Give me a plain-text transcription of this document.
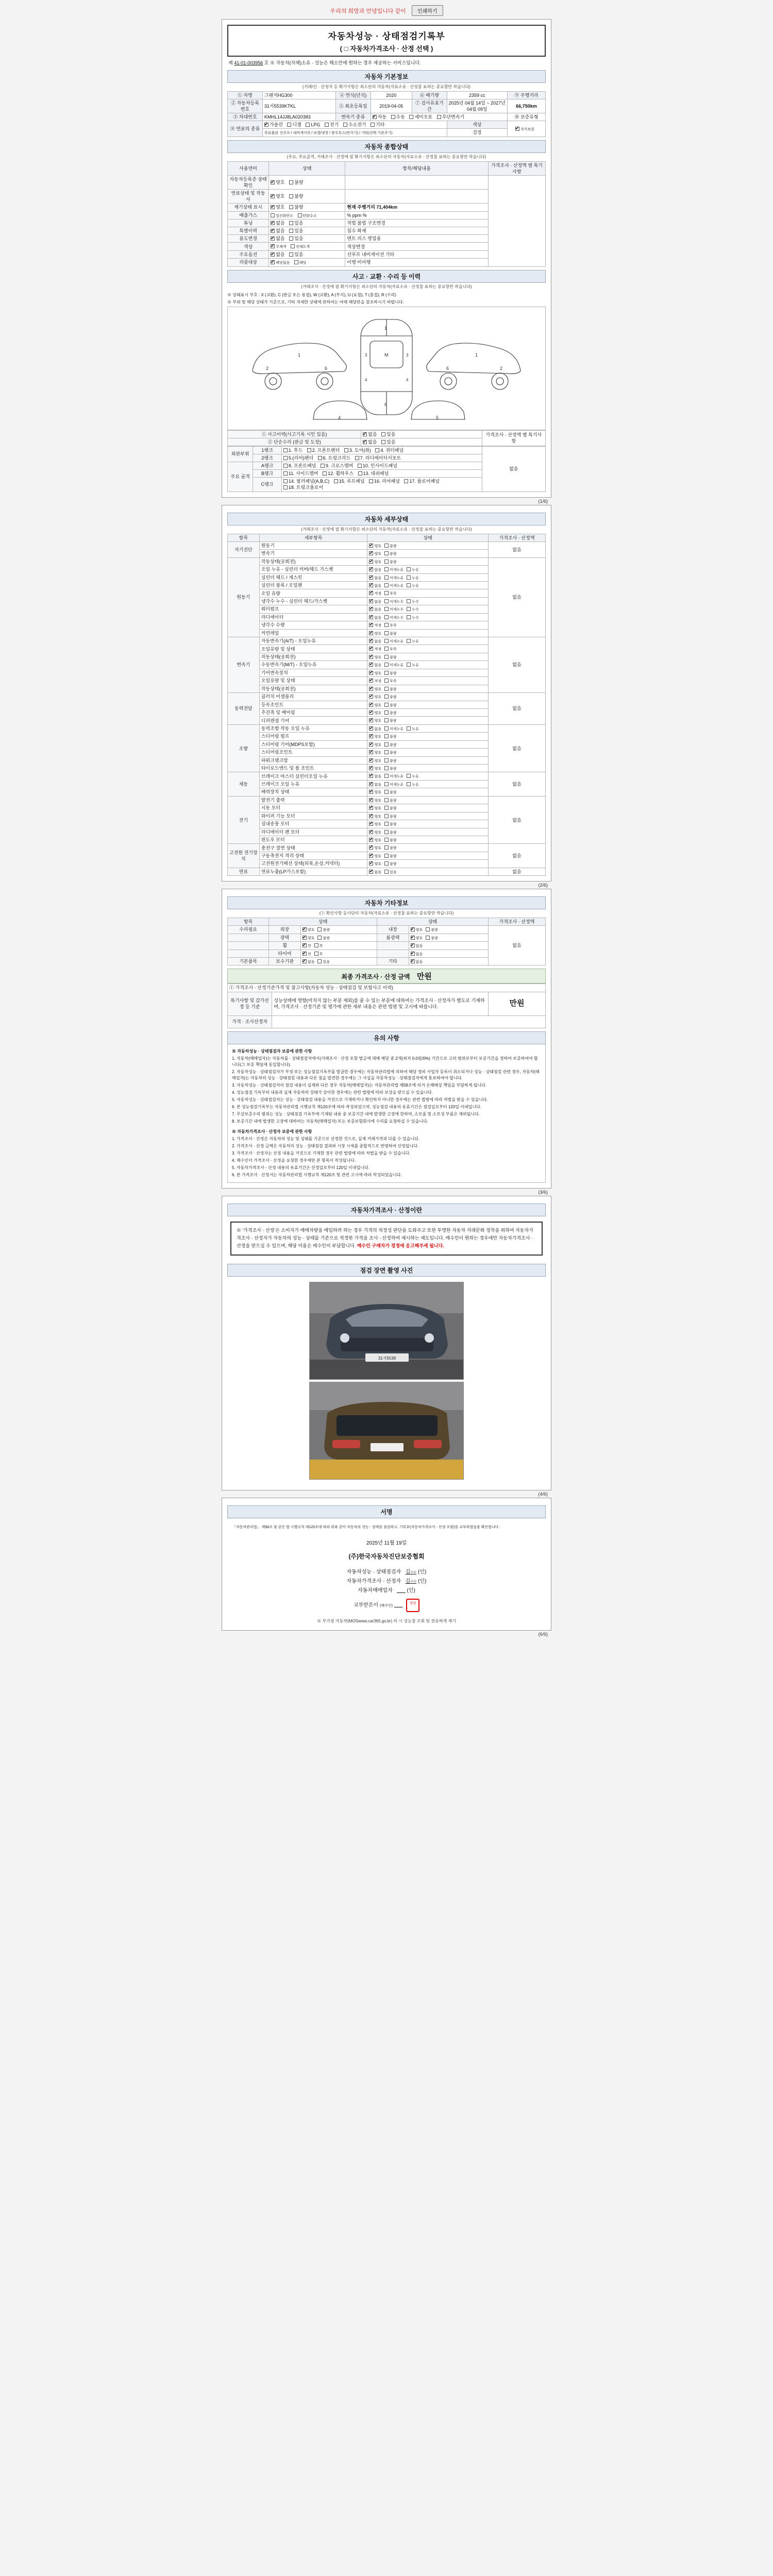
우리의 희망과 안녕입니다 같이 인쇄하기
자동차성능 · 상태점검기록부
( □ 자동차가격조사 · 산정 선택 )
제 41-01-003956 호 ※ 자동차(자체)소유 · 성능은 해소안에 원하는 경우 제공하는 서비스입니다.
자동차 기본정보
(거래/신 · 산정자 등 확기사항은 최소단의 자동차(자료소유 · 산정물 표하는 중요항만 작습니다)
① 차명	그랜저HG300	④ 연식(년식)	2020	⑥ 배기량	2359 cc	⑨ 주행거리
② 자동차등록번호	31서5539KTKL	⑤ 최초등록일	2019-04-05	⑦ 검사유효기간	2025년 04월 14일 ~ 2027년 04월 09일	66,750km
③ 차대번호	KMHL14JJ8LA020383	변속기 종류	✔자동 수동 세미오토 무단변속기			⑩ 보증유형
⑧ 연료의 종류	✔가솔린 디젤 LPG 전기 수소전기 기타				색상	✔자가보증
	주요옵션 선루프 / 내비게이션 / 보열/냉장 / 블루투스(연각기) / 기타(선택 기준주기)				검정	
자동차 종합상태
(주요, 주요골격, 거래조사 · 산정에 필 확기사항은 최소단의 자동차(자료소유 · 산정물 표하는 중요항만 작습니다)
사용연비	상태	항목/해당내용	가격조사 · 산정액 별 특기사항
자동차등록증 상태확인	✔양호 불량		
연료상태 및 작동사	✔양호 불량	
계기상태 표시	✔양호 불량	현재 주행거리 71,404km	
배출가스	일산화탄소 탄화수소	% ppm %	
튜닝	✔없음 있음	적법 불법 구조변경	
특별이력	✔없음 있음	침수 화재	
용도변경	✔없음 있음	렌트 리스 영업용	
색상	✔무채색 전체도색	색상변경	
주요옵션	✔없음 있음	선루프 내비게이션 기타	
리콜대상	✔해당없음 해당	이행 미이행	
사고 · 교환 · 수리 등 이력
(거래조사 · 산정에 필 확기사항은 최소단의 자동차(자료소유 · 산정물 표하는 중요항만 작습니다)

※ 상태표시 부호 : X (교환), C (판금 또는 용접), W (교환), A (부식), U (요철), T (흠집), R (수리)

※ 부위 및 해당 상태가 기준으로, 기타 자세한 상태에 관하여는 아래 해당란을 참조하시기 바랍니다.

1
2	6
1
M
6
3	3
4	4
1
2
6
4	5
① 사고이력(사고기록 시인 있음)	✔없음 있음	가격조사 · 산정액 별 특기사항
② 단순수리 (판금 및 도장)	✔없음 있음
외판부위	1랭크	1. 후드 2. 프론트펜더 3. 도어(좌) 4. 쿼터패널	없음
	2랭크	5.(리어)펜더 6. 트렁크리드 7. 라디에이터서포트	
주요 골격	A랭크	8. 프론트패널 9. 크로스멤버 10. 인사이드패널	
	B랭크	11. 사이드멤버 12. 휠하우스 13. 대쉬패널	
	C랭크	14. 필러패널(A,B,C) 15. 루프패널 16. 리어패널 17. 플로어패널 18. 트렁크플로어	
(1/6)
자동차 세부상태
(거래조사 · 산정에 필 확기사항은 최소단의 자동차(자료소유 · 산정물 표하는 중요항만 작습니다)
항목	세부항목	상태	가격조사 · 산정액
자기진단	원동기	✔양호 불량	없음
	변속기	✔양호 불량
원동기	작동상태(공회전)	✔양호 불량	없음
	오일 누유 - 실린더 커버/헤드 가스켓	✔없음 미세누유 누유
	실린더 헤드 / 개스킷	✔없음 미세누유 누유
	실린더 블록 / 오일팬	✔없음 미세누유 누유
	오일 유량	✔적정 부족
	냉각수 누수 - 실린더 헤드/가스켓	✔없음 미세누수 누수
	워터펌프	✔없음 미세누수 누수
	라디에이터	✔없음 미세누수 누수
	냉각수 수량	✔적정 부족
	커먼레일	✔양호 불량
변속기	자동변속기(A/T) - 오일누유	✔없음 미세누유 누유	없음
	오일유량 및 상태	✔적정 부족
	작동상태(공회전)	✔양호 불량
	수동변속기(M/T) - 오일누유	✔없음 미세누유 누유
	기어변속장치	✔양호 불량
	오일유량 및 상태	✔적정 부족
	작동상태(공회전)	✔양호 불량
동력전달	클러치 어셈블리	✔양호 불량	없음
	등속조인트	✔양호 불량
	추진축 및 베어링	✔양호 불량
	디퍼렌셜 기어	✔양호 불량
조향	동력조향 작동 오일 누유	✔없음 미세누유 누유	없음
	스티어링 펌프	✔양호 불량
	스티어링 기어(MDPS포함)	✔양호 불량
	스티어링조인트	✔양호 불량
	파워크랭크암	✔양호 불량
	타이로드엔드 및 볼 조인트	✔양호 불량
제동	브레이크 마스터 실린더오일 누유	✔없음 미세누유 누유	없음
	브레이크 오일 누유	✔없음 미세누유 누유
	배력장치 상태	✔양호 불량
전기	발전기 출력	✔양호 불량	없음
	시동 모터	✔양호 불량
	와이퍼 기능 모터	✔양호 불량
	실내송풍 모터	✔양호 불량
	라디에이터 팬 모터	✔양호 불량
	윈도우 모터	✔양호 불량
고전원 전기장치	충전구 절연 상태	✔양호 불량	없음
	구동축전지 격리 상태	✔양호 불량
	고전원전기배선 상태(피복,손상,커넥터)	✔양호 불량
연료	연료누출(LP가스포함)	✔없음 있음	없음
(2/6)
자동차 기타정보
(① 확인사항 등사단의 자동차(자료소유 · 산정물 표하는 중요항만 작습니다)
항목	상태		상태		가격조사 · 산정액
수리필요	외장	✔양호 불량	내장	✔양호 불량	없음
	광택	✔양호 불량	룸광택	✔양호 불량
	휠	✔전 후		✔없음
	타이어	✔전 후		✔없음
기본품목	보수기판	✔없음 있음	기타	✔없음
최종 가격조사 · 산정 금액 만원
① 가격조사 · 산정기준가격 및 참고사항(자동차 성능 · 상태점검 및 보험사고 이력)		
특기사항 및 감가산정 등 기준	성능상태에 영향(미치지 않는 부분 제외)를 줄 수 있는 부분에 대하여는 가격조사 · 산정자가 별도로 기재하며, 가격조사 · 산정기준 및 평가에 관한 세부 내용은 관련 법령 및 고시에 따릅니다.	만원
가격 · 조사산정자		
유의 사항

※ 자동차성능 · 상태점검자 보증에 관한 사항

1. 자동차(매매업자)는 자동차를 · 상태점검자에서(거래조사 · 산정 포함 벌금에 대해 해당 중 2개(최저 0.0원/0%) 기간으로 고의 범위로부터 보증기간을 정하여 보증하여야 합니다(그 보증 책임에 동일합니다).

2. 자동차성능 · 상태점검자가 부정 또는 성능점검기록부를 발급한 경우에는 자동차관리법에 의하여 해당 정비 사업자 등록이 취소되거나 성능 · 상태점검 관련 경우, 자동차(매매업자)는 자동차의 성능 · 상태점검 내용과 다른 점을 발견한 경우에는 그 사실을 자동차성능 · 상태점검자에게 통보하여야 합니다.

3. 자동차성능 · 상태점검자의 점검 내용이 실제와 다른 경우 자동차(매매업자)는 자동차관리법 제58조에 의거 손해배상 책임을 부담하게 됩니다.

4. 성능점검 기록부의 내용과 실제 자동차의 상태가 상이한 경우에는 관련 법령에 따라 보상을 받으실 수 있습니다.

5. 자동차성능 · 상태점검자는 성능 · 상태점검 내용을 거짓으로 기재하거나 확인하지 아니한 경우에는 관련 법령에 따라 처벌을 받을 수 있습니다.

6. 본 성능점검기록부는 자동차관리법 시행규칙 제120조에 따라 작성되었으며, 성능점검 내용의 유효기간은 점검일로부터 120일 이내입니다.

7. 무상보증수리 범위는 성능 · 상태점검 기록부에 기재된 내용 중 보증기간 내에 발생한 고장에 한하며, 소모품 및 소모성 부품은 제외됩니다.

8. 보증기간 내에 발생한 고장에 대하여는 자동차(매매업자) 또는 보증보험회사에 수리를 요청하실 수 있습니다.

※ 자동차가격조사 · 산정자 보증에 관한 사항

1. 가격조사 · 산정은 자동차의 성능 및 상태를 기준으로 산정한 것으로, 실제 거래가격과 다를 수 있습니다.

2. 가격조사 · 산정 금액은 자동차의 성능 · 상태점검 결과와 시장 시세를 종합적으로 반영하여 산정됩니다.

3. 가격조사 · 산정자는 산정 내용을 거짓으로 기재한 경우 관련 법령에 따라 처벌을 받을 수 있습니다.

4. 매수인이 가격조사 · 산정을 요청한 경우에만 본 항목이 작성됩니다.

5. 자동차가격조사 · 산정 내용의 유효기간은 산정일로부터 120일 이내입니다.

6. 본 가격조사 · 산정서는 자동차관리법 시행규칙 제120조 및 관련 고시에 따라 작성되었습니다.

(3/6)
자동차가격조사 · 산정이란
※ '가격조사 · 산정'은 소비자가 매매차량을 매입하려 하는 경우 가격의 적정성 판단을 도와주고 또한 투명한 자동차 거래문화 정착을 위하여 자동차가격조사 · 산정자가 자동차의 성능 · 상태를 기준으로 적정한 가격을 조사 · 산정하여 제시하는 제도입니다. 매수인이 원하는 경우에만 자동차가격조사 · 산정을 받으실 수 있으며, 해당 비용은 매수인이 부담합니다. 매수인 구매자가 경정에 응고해주세 됩니다.
점검 장면 촬영 사진
31서5539
(4/6)
서명
「자동차관리법」 제58조 및 같은 법 시행규칙 제120조에 따라 위와 같이 자동차의 성능 · 상태를 점검하고, 기록부(자동차가격조사 · 산정 포함)를 교부하였음을 확인합니다.
2025년 11월 19일
(주)한국자동차진단보증협회
자동차성능 · 상태점검자 김○○ (인)
자동차가격조사 · 산정자 김○○ (인)
자동차매매업자	(인)
교부받은이 (매수인)        직인
※ 부가장 자동차(MOSwww.car365.go.kr) 의 시 성능점 조회 및 전송하게 제기
(6/6)
